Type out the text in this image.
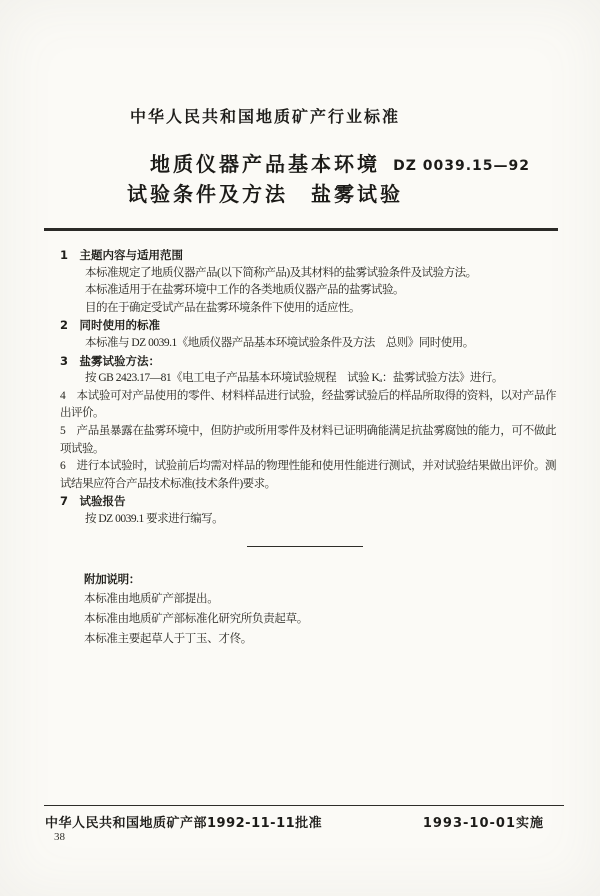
中华人民共和国地质矿产行业标准
地质仪器产品基本环境
试验条件及方法　盐雾试验
DZ 0039.15—92

1　主题内容与适用范围

本标准规定了地质仪器产品(以下简称产品)及其材料的盐雾试验条件及试验方法。

本标准适用于在盐雾环境中工作的各类地质仪器产品的盐雾试验。

目的在于确定受试产品在盐雾环境条件下使用的适应性。

2　同时使用的标准

本标准与 DZ 0039.1《地质仪器产品基本环境试验条件及方法　总则》同时使用。

3　盐雾试验方法：

按 GB 2423.17—81《电工电子产品基本环境试验规程　试验 Kₐ：盐雾试验方法》进行。

4　本试验可对产品使用的零件、材料样品进行试验，经盐雾试验后的样品所取得的资料，以对产品作出评价。

5　产品虽暴露在盐雾环境中，但防护或所用零件及材料已证明确能满足抗盐雾腐蚀的能力，可不做此项试验。

6　进行本试验时，试验前后均需对样品的物理性能和使用性能进行测试，并对试验结果做出评价。测试结果应符合产品技术标准(技术条件)要求。

7　试验报告

按 DZ 0039.1 要求进行编写。

附加说明：

本标准由地质矿产部提出。

本标准由地质矿产部标准化研究所负责起草。

本标准主要起草人于丁玉、才佟。

中华人民共和国地质矿产部1992-11-11批准	1993-10-01实施
38
